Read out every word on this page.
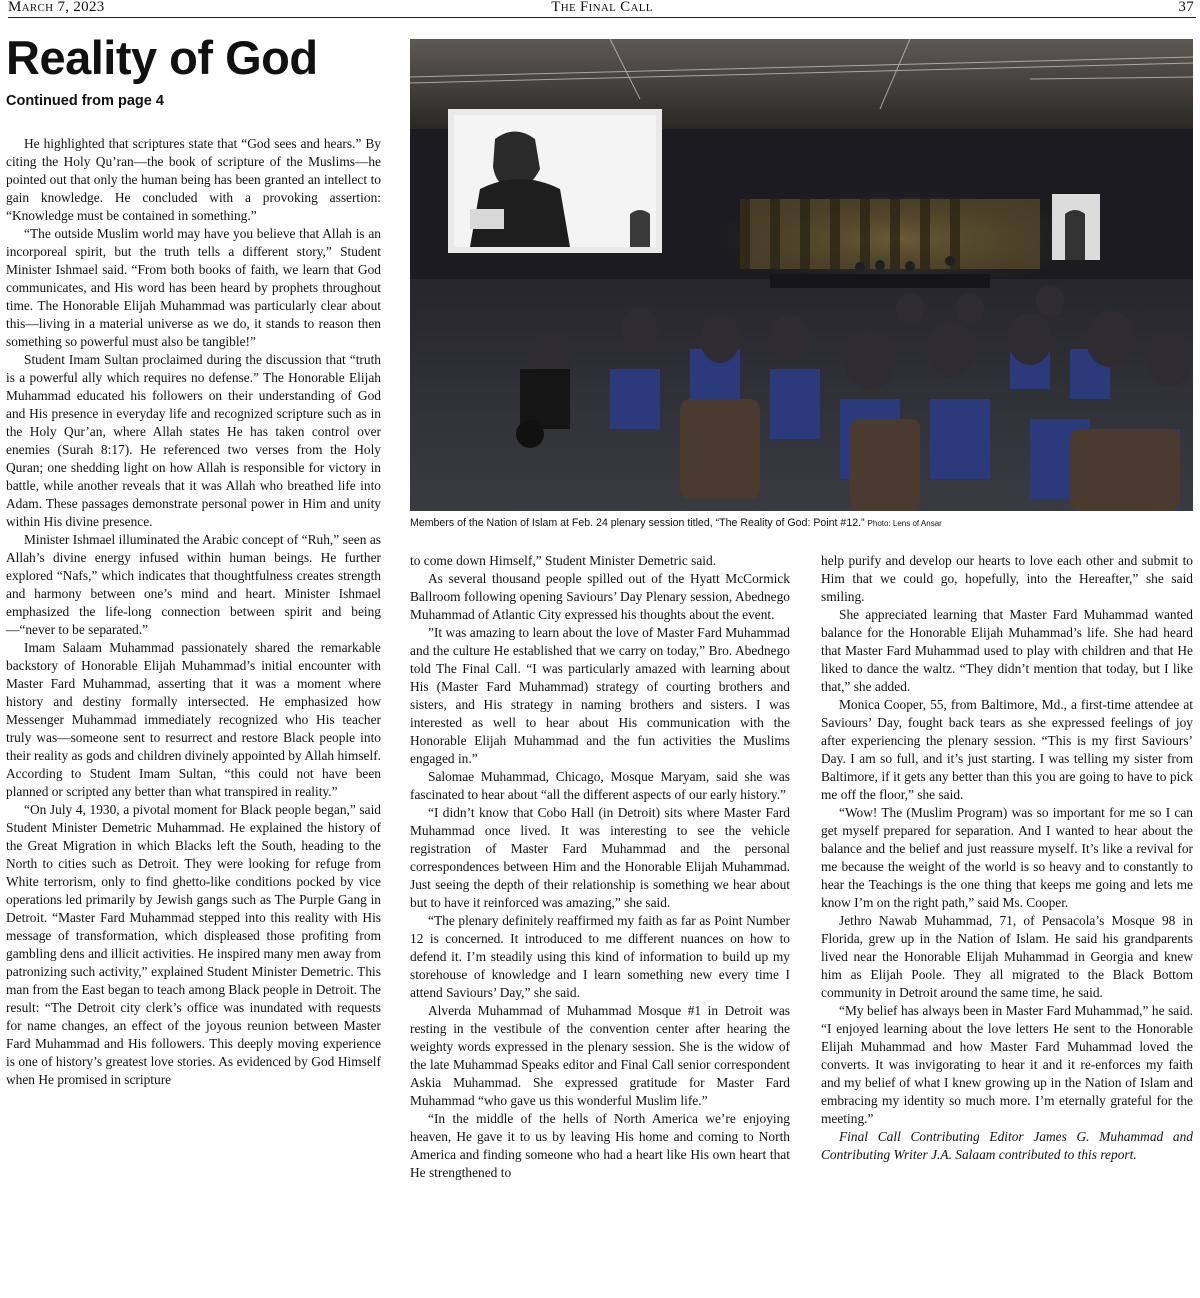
March 7, 2023	The Final Call	37
Reality of God
Continued from page 4

He highlighted that scriptures state that “God sees and hears.” By citing the Holy Qu’ran—the book of scripture of the Muslims—he pointed out that only the human being has been granted an intellect to gain knowledge. He concluded with a provoking assertion: “Knowledge must be contained in something.”

“The outside Muslim world may have you believe that Allah is an incorporeal spirit, but the truth tells a different story,” Student Minister Ishmael said. “From both books of faith, we learn that God communicates, and His word has been heard by prophets throughout time. The Honorable Elijah Muhammad was particularly clear about this—living in a material universe as we do, it stands to reason then something so powerful must also be tangible!”

Student Imam Sultan proclaimed during the discussion that “truth is a powerful ally which requires no defense.” The Honorable Elijah Muhammad educated his followers on their understanding of God and His presence in everyday life and recognized scripture such as in the Holy Qur’an, where Allah states He has taken control over enemies (Surah 8:17). He referenced two verses from the Holy Quran; one shedding light on how Allah is responsible for victory in battle, while another reveals that it was Allah who breathed life into Adam. These passages demonstrate personal power in Him and unity within His divine presence.

Minister Ishmael illuminated the Arabic concept of “Ruh,” seen as Allah’s divine energy infused within human beings. He further explored “Nafs,” which indicates that thoughtfulness creates strength and harmony between one’s mind and heart. Minister Ishmael emphasized the life-long connection between spirit and being—“never to be separated.”

Imam Salaam Muhammad passionately shared the remarkable backstory of Honorable Elijah Muhammad’s initial encounter with Master Fard Muhammad, asserting that it was a moment where history and destiny formally intersected. He emphasized how Messenger Muhammad immediately recognized who His teacher truly was—someone sent to resurrect and restore Black people into their reality as gods and children divinely appointed by Allah himself. According to Student Imam Sultan, “this could not have been planned or scripted any better than what transpired in reality.”

“On July 4, 1930, a pivotal moment for Black people began,” said Student Minister Demetric Muhammad. He explained the history of the Great Migration in which Blacks left the South, heading to the North to cities such as Detroit. They were looking for refuge from White terrorism, only to find ghetto-like conditions pocked by vice operations led primarily by Jewish gangs such as The Purple Gang in Detroit. “Master Fard Muhammad stepped into this reality with His message of transformation, which displeased those profiting from gambling dens and illicit activities. He inspired many men away from patronizing such activity,” explained Student Minister Demetric. This man from the East began to teach among Black people in Detroit. The result: “The Detroit city clerk’s office was inundated with requests for name changes, an effect of the joyous reunion between Master Fard Muhammad and His followers. This deeply moving experience is one of history’s greatest love stories. As evidenced by God Himself when He promised in scripture

Members of the Nation of Islam at Feb. 24 plenary session titled, “The Reality of God: Point #12.” Photo: Lens of Ansar

to come down Himself,” Student Minister Demetric said.

As several thousand people spilled out of the Hyatt McCormick Ballroom following opening Saviours’ Day Plenary session, Abednego Muhammad of Atlantic City expressed his thoughts about the event.

”It was amazing to learn about the love of Master Fard Muhammad and the culture He established that we carry on today,” Bro. Abednego told The Final Call. “I was particularly amazed with learning about His (Master Fard Muhammad) strategy of courting brothers and sisters, and His strategy in naming brothers and sisters. I was interested as well to hear about His communication with the Honorable Elijah Muhammad and the fun activities the Muslims engaged in.”

Salomae Muhammad, Chicago, Mosque Maryam, said she was fascinated to hear about “all the different aspects of our early history.”

“I didn’t know that Cobo Hall (in Detroit) sits where Master Fard Muhammad once lived. It was interesting to see the vehicle registration of Master Fard Muhammad and the personal correspondences between Him and the Honorable Elijah Muhammad. Just seeing the depth of their relationship is something we hear about but to have it reinforced was amazing,” she said.

“The plenary definitely reaffirmed my faith as far as Point Number 12 is concerned. It introduced to me different nuances on how to defend it. I’m steadily using this kind of information to build up my storehouse of knowledge and I learn something new every time I attend Saviours’ Day,” she said.

Alverda Muhammad of Muhammad Mosque #1 in Detroit was resting in the vestibule of the convention center after hearing the weighty words expressed in the plenary session. She is the widow of the late Muhammad Speaks editor and Final Call senior correspondent Askia Muhammad. She expressed gratitude for Master Fard Muhammad “who gave us this wonderful Muslim life.”

“In the middle of the hells of North America we’re enjoying heaven, He gave it to us by leaving His home and coming to North America and finding someone who had a heart like His own heart that He strengthened to

help purify and develop our hearts to love each other and submit to Him that we could go, hopefully, into the Hereafter,” she said smiling.

She appreciated learning that Master Fard Muhammad wanted balance for the Honorable Elijah Muhammad’s life. She had heard that Master Fard Muhammad used to play with children and that He liked to dance the waltz. “They didn’t mention that today, but I like that,” she added.

Monica Cooper, 55, from Baltimore, Md., a first-time attendee at Saviours’ Day, fought back tears as she expressed feelings of joy after experiencing the plenary session. “This is my first Saviours’ Day. I am so full, and it’s just starting. I was telling my sister from Baltimore, if it gets any better than this you are going to have to pick me off the floor,” she said.

“Wow! The (Muslim Program) was so important for me so I can get myself prepared for separation. And I wanted to hear about the balance and the belief and just reassure myself. It’s like a revival for me because the weight of the world is so heavy and to constantly to hear the Teachings is the one thing that keeps me going and lets me know I’m on the right path,” said Ms. Cooper.

Jethro Nawab Muhammad, 71, of Pensacola’s Mosque 98 in Florida, grew up in the Nation of Islam. He said his grandparents lived near the Honorable Elijah Muhammad in Georgia and knew him as Elijah Poole. They all migrated to the Black Bottom community in Detroit around the same time, he said.

“My belief has always been in Master Fard Muhammad,” he said. “I enjoyed learning about the love letters He sent to the Honorable Elijah Muhammad and how Master Fard Muhammad loved the converts. It was invigorating to hear it and it re-enforces my faith and my belief of what I knew growing up in the Nation of Islam and embracing my identity so much more. I’m eternally grateful for the meeting.”

Final Call Contributing Editor James G. Muhammad and Contributing Writer J.A. Salaam contributed to this report.
